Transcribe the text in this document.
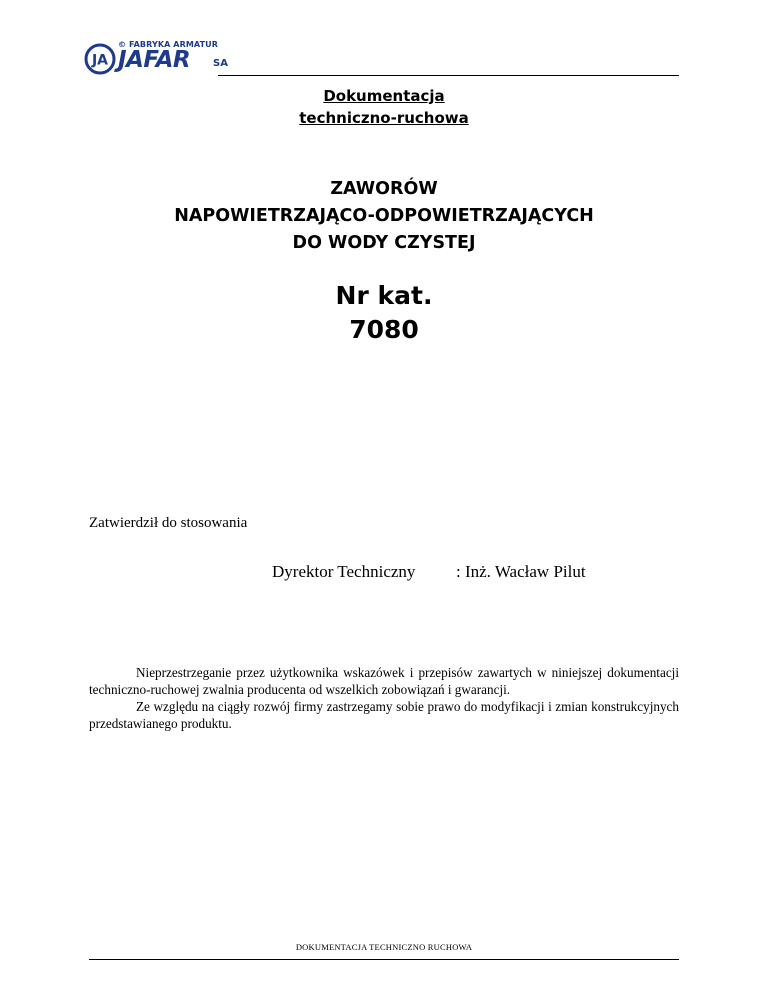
JA
© FABRYKA ARMATUR
JAFAR SA
Dokumentacja
techniczno-ruchowa
ZAWORÓW
NAPOWIETRZAJĄCO-ODPOWIETRZAJĄCYCH
DO WODY CZYSTEJ
Nr kat.
7080
Zatwierdził do stosowania
Dyrektor Techniczny : Inż. Wacław Pilut

Nieprzestrzeganie przez użytkownika wskazówek i przepisów zawartych w niniejszej dokumentacji techniczno-ruchowej zwalnia producenta od wszelkich zobowiązań i gwarancji.

Ze względu na ciągły rozwój firmy zastrzegamy sobie prawo do modyfikacji i zmian konstrukcyjnych przedstawianego produktu.

DOKUMENTACJA TECHNICZNO RUCHOWA
